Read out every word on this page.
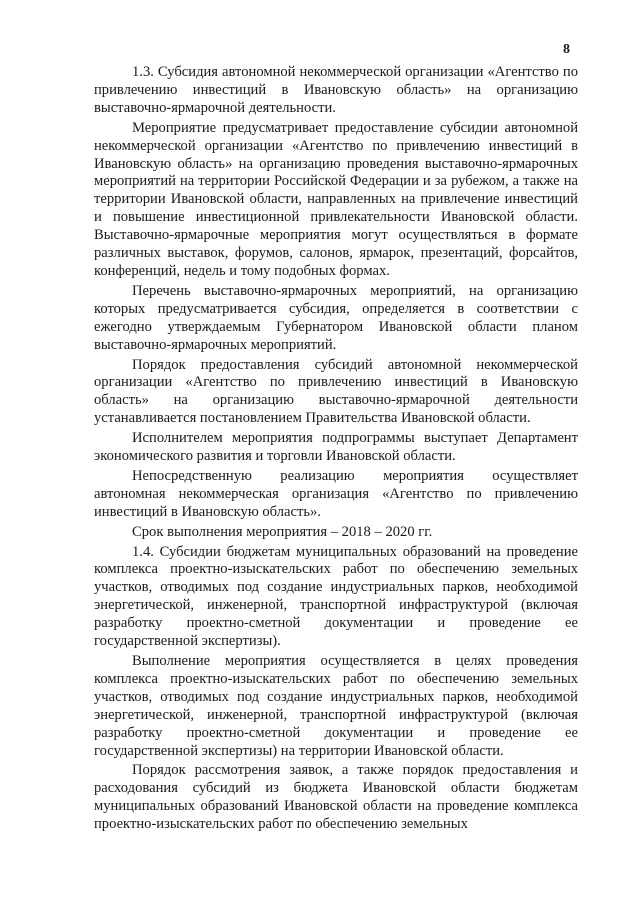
8

1.3. Субсидия автономной некоммерческой организации «Агентство по привлечению инвестиций в Ивановскую область» на организацию выставочно-ярмарочной деятельности.

Мероприятие предусматривает предоставление субсидии автономной некоммерческой организации «Агентство по привлечению инвестиций в Ивановскую область» на организацию проведения выставочно-ярмарочных мероприятий на территории Российской Федерации и за рубежом, а также на территории Ивановской области, направленных на привлечение инвестиций и повышение инвестиционной привлекательности Ивановской области. Выставочно-ярмарочные мероприятия могут осуществляться в формате различных выставок, форумов, салонов, ярмарок, презентаций, форсайтов, конференций, недель и тому подобных формах.

Перечень выставочно-ярмарочных мероприятий, на организацию которых предусматривается субсидия, определяется в соответствии с ежегодно утверждаемым Губернатором Ивановской области планом выставочно-ярмарочных мероприятий.

Порядок предоставления субсидий автономной некоммерческой организации «Агентство по привлечению инвестиций в Ивановскую область» на организацию выставочно-ярмарочной деятельности устанавливается постановлением Правительства Ивановской области.

Исполнителем мероприятия подпрограммы выступает Департамент экономического развития и торговли Ивановской области.

Непосредственную реализацию мероприятия осуществляет автономная некоммерческая организация «Агентство по привлечению инвестиций в Ивановскую область».

Срок выполнения мероприятия – 2018 – 2020 гг.

1.4. Субсидии бюджетам муниципальных образований на проведение комплекса проектно-изыскательских работ по обеспечению земельных участков, отводимых под создание индустриальных парков, необходимой энергетической, инженерной, транспортной инфраструктурой (включая разработку проектно-сметной документации и проведение ее государственной экспертизы).

Выполнение мероприятия осуществляется в целях проведения комплекса проектно-изыскательских работ по обеспечению земельных участков, отводимых под создание индустриальных парков, необходимой энергетической, инженерной, транспортной инфраструктурой (включая разработку проектно-сметной документации и проведение ее государственной экспертизы) на территории Ивановской области.

Порядок рассмотрения заявок, а также порядок предоставления и расходования субсидий из бюджета Ивановской области бюджетам муниципальных образований Ивановской области на проведение комплекса проектно-изыскательских работ по обеспечению земельных
